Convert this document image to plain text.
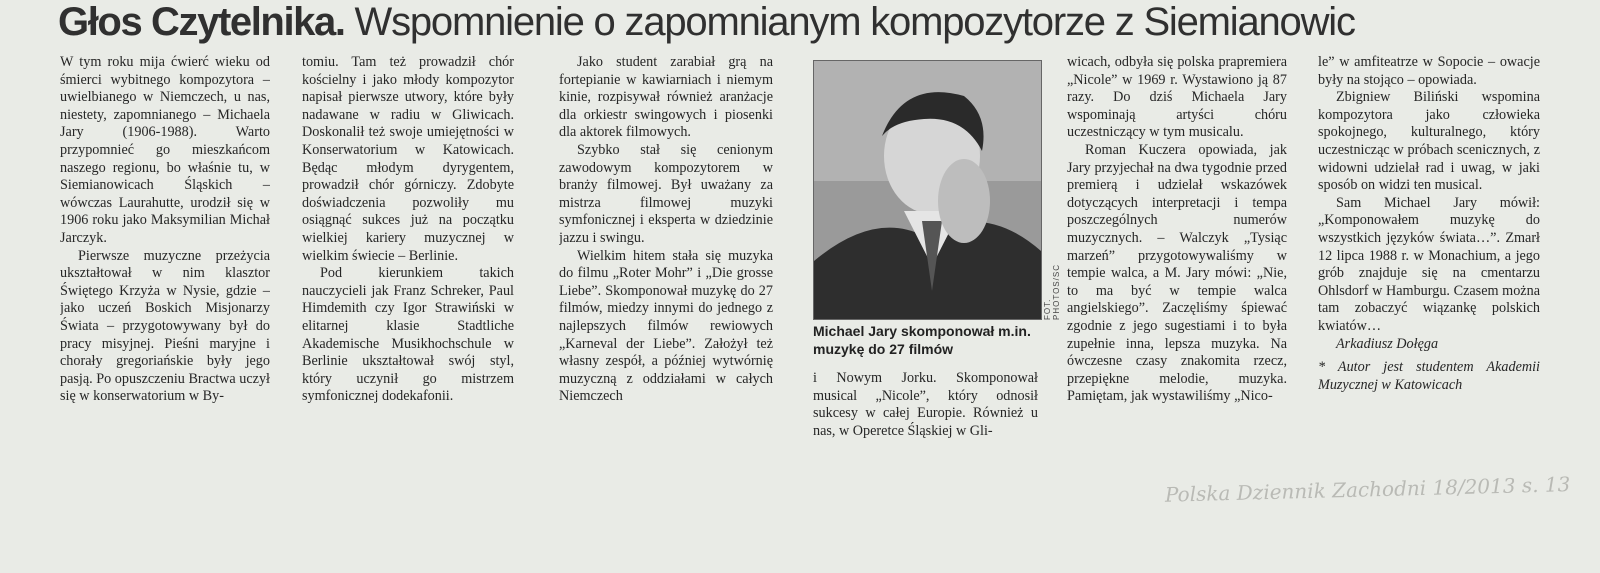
Głos Czytelnika. Wspomnienie o zapomnianym kompozytorze z Siemianowic

W tym roku mija ćwierć wieku od śmierci wybitnego kompozytora – uwielbianego w Niemczech, u nas, niestety, zapomnianego – Michaela Jary (1906-1988). Warto przypomnieć go mieszkańcom naszego regionu, bo właśnie tu, w Siemianowicach Śląskich – wówczas Laurahutte, urodził się w 1906 roku jako Maksymilian Michał Jarczyk.

Pierwsze muzyczne przeżycia ukształtował w nim klasztor Świętego Krzyża w Nysie, gdzie – jako uczeń Boskich Misjonarzy Świata – przygotowywany był do pracy misyjnej. Pieśni maryjne i chorały gregoriańskie były jego pasją. Po opuszczeniu Bractwa uczył się w konserwatorium w By-

tomiu. Tam też prowadził chór kościelny i jako młody kompozytor napisał pierwsze utwory, które były nadawane w radiu w Gliwicach. Doskonalił też swoje umiejętności w Konserwatorium w Katowicach. Będąc młodym dyrygentem, prowadził chór górniczy. Zdobyte doświadczenia pozwoliły mu osiągnąć sukces już na początku wielkiej kariery muzycznej w wielkim świecie – Berlinie.

Pod kierunkiem takich nauczycieli jak Franz Schreker, Paul Himdemith czy Igor Strawiński w elitarnej klasie Stadtliche Akademische Musikhochschule w Berlinie ukształtował swój styl, który uczynił go mistrzem symfonicznej dodekafonii.

Jako student zarabiał grą na fortepianie w kawiarniach i niemym kinie, rozpisywał również aranżacje dla orkiestr swingowych i piosenki dla aktorek filmowych.

Szybko stał się cenionym zawodowym kompozytorem w branży filmowej. Był uważany za mistrza filmowej muzyki symfonicznej i eksperta w dziedzinie jazzu i swingu.

Wielkim hitem stała się muzyka do filmu „Roter Mohr” i „Die grosse Liebe”. Skomponował muzykę do 27 filmów, miedzy innymi do jednego z najlepszych filmów rewiowych „Karneval der Liebe”. Założył też własny zespół, a później wytwórnię muzyczną z oddziałami w całych Niemczech

FOT. PHOTOS/SC
Michael Jary skomponował m.in. muzykę do 27 filmów

i Nowym Jorku. Skomponował musical „Nicole”, który odnosił sukcesy w całej Europie. Również u nas, w Operetce Śląskiej w Gli-

wicach, odbyła się polska prapremiera „Nicole” w 1969 r. Wystawiono ją 87 razy. Do dziś Michaela Jary wspominają artyści chóru uczestniczący w tym musicalu.

Roman Kuczera opowiada, jak Jary przyjechał na dwa tygodnie przed premierą i udzielał wskazówek dotyczących interpretacji i tempa poszczególnych numerów muzycznych. – Walczyk „Tysiąc marzeń” przygotowywaliśmy w tempie walca, a M. Jary mówi: „Nie, to ma być w tempie walca angielskiego”. Zaczęliśmy śpiewać zgodnie z jego sugestiami i to była zupełnie inna, lepsza muzyka. Na ówczesne czasy znakomita rzecz, przepiękne melodie, muzyka. Pamiętam, jak wystawiliśmy „Nico-

le” w amfiteatrze w Sopocie – owacje były na stojąco – opowiada.

Zbigniew Biliński wspomina kompozytora jako człowieka spokojnego, kulturalnego, który uczestnicząc w próbach scenicznych, z widowni udzielał rad i uwag, w jaki sposób on widzi ten musical.

Sam Michael Jary mówił: „Komponowałem muzykę do wszystkich języków świata…”. Zmarł 12 lipca 1988 r. w Monachium, a jego grób znajduje się na cmentarzu Ohlsdorf w Hamburgu. Czasem można tam zobaczyć wiązankę polskich kwiatów…

Arkadiusz Dołęga

* Autor jest studentem Akademii Muzycznej w Katowicach

Polska Dziennik Zachodni 18/2013 s. 13
